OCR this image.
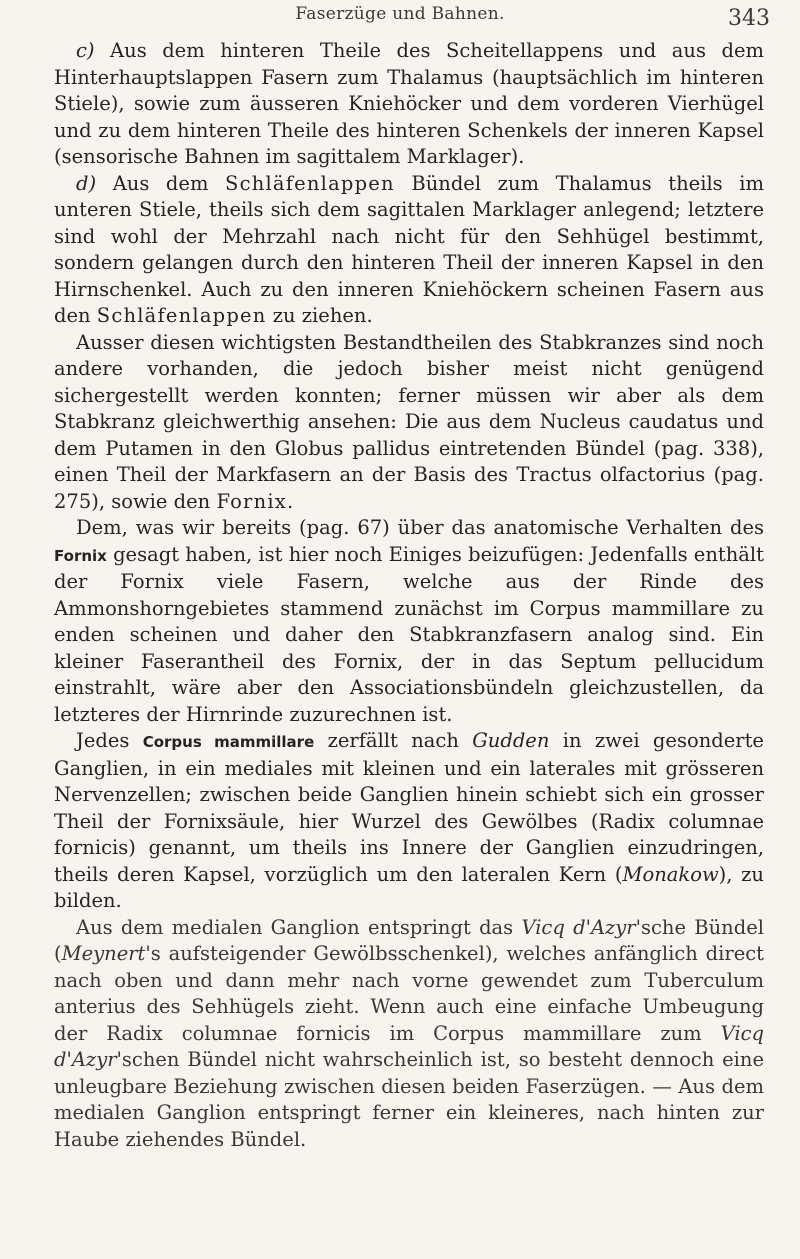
Faserzüge und Bahnen.	343

c) Aus dem hinteren Theile des Scheitellappens und aus dem Hinterhauptslappen Fasern zum Thalamus (hauptsächlich im hinteren Stiele), sowie zum äusseren Kniehöcker und dem vorderen Vierhügel und zu dem hinteren Theile des hinteren Schenkels der inneren Kapsel (sensorische Bahnen im sagittalem Marklager).

d) Aus dem Schläfenlappen Bündel zum Thalamus theils im unteren Stiele, theils sich dem sagittalen Marklager anlegend; letztere sind wohl der Mehrzahl nach nicht für den Sehhügel bestimmt, sondern gelangen durch den hinteren Theil der inneren Kapsel in den Hirnschenkel. Auch zu den inneren Kniehöckern scheinen Fasern aus den Schläfenlappen zu ziehen.

Ausser diesen wichtigsten Bestandtheilen des Stabkranzes sind noch andere vorhanden, die jedoch bisher meist nicht genügend sichergestellt werden konnten; ferner müssen wir aber als dem Stabkranz gleichwerthig ansehen: Die aus dem Nucleus caudatus und dem Putamen in den Globus pallidus eintretenden Bündel (pag. 338), einen Theil der Markfasern an der Basis des Tractus olfactorius (pag. 275), sowie den Fornix.

Dem, was wir bereits (pag. 67) über das anatomische Verhalten des Fornix gesagt haben, ist hier noch Einiges beizufügen: Jedenfalls enthält der Fornix viele Fasern, welche aus der Rinde des Ammonshorngebietes stammend zunächst im Corpus mammillare zu enden scheinen und daher den Stabkranzfasern analog sind. Ein kleiner Faserantheil des Fornix, der in das Septum pellucidum einstrahlt, wäre aber den Associationsbündeln gleichzustellen, da letzteres der Hirnrinde zuzurechnen ist.

Jedes Corpus mammillare zerfällt nach Gudden in zwei gesonderte Ganglien, in ein mediales mit kleinen und ein laterales mit grösseren Nervenzellen; zwischen beide Ganglien hinein schiebt sich ein grosser Theil der Fornixsäule, hier Wurzel des Gewölbes (Radix columnae fornicis) genannt, um theils ins Innere der Ganglien einzudringen, theils deren Kapsel, vorzüglich um den lateralen Kern (Monakow), zu bilden.

Aus dem medialen Ganglion entspringt das Vicq d'Azyr'sche Bündel (Meynert's aufsteigender Gewölbsschenkel), welches anfänglich direct nach oben und dann mehr nach vorne gewendet zum Tuberculum anterius des Sehhügels zieht. Wenn auch eine einfache Umbeugung der Radix columnae fornicis im Corpus mammillare zum Vicq d'Azyr'schen Bündel nicht wahrscheinlich ist, so besteht dennoch eine unleugbare Beziehung zwischen diesen beiden Faserzügen. — Aus dem medialen Ganglion entspringt ferner ein kleineres, nach hinten zur Haube ziehendes Bündel.
